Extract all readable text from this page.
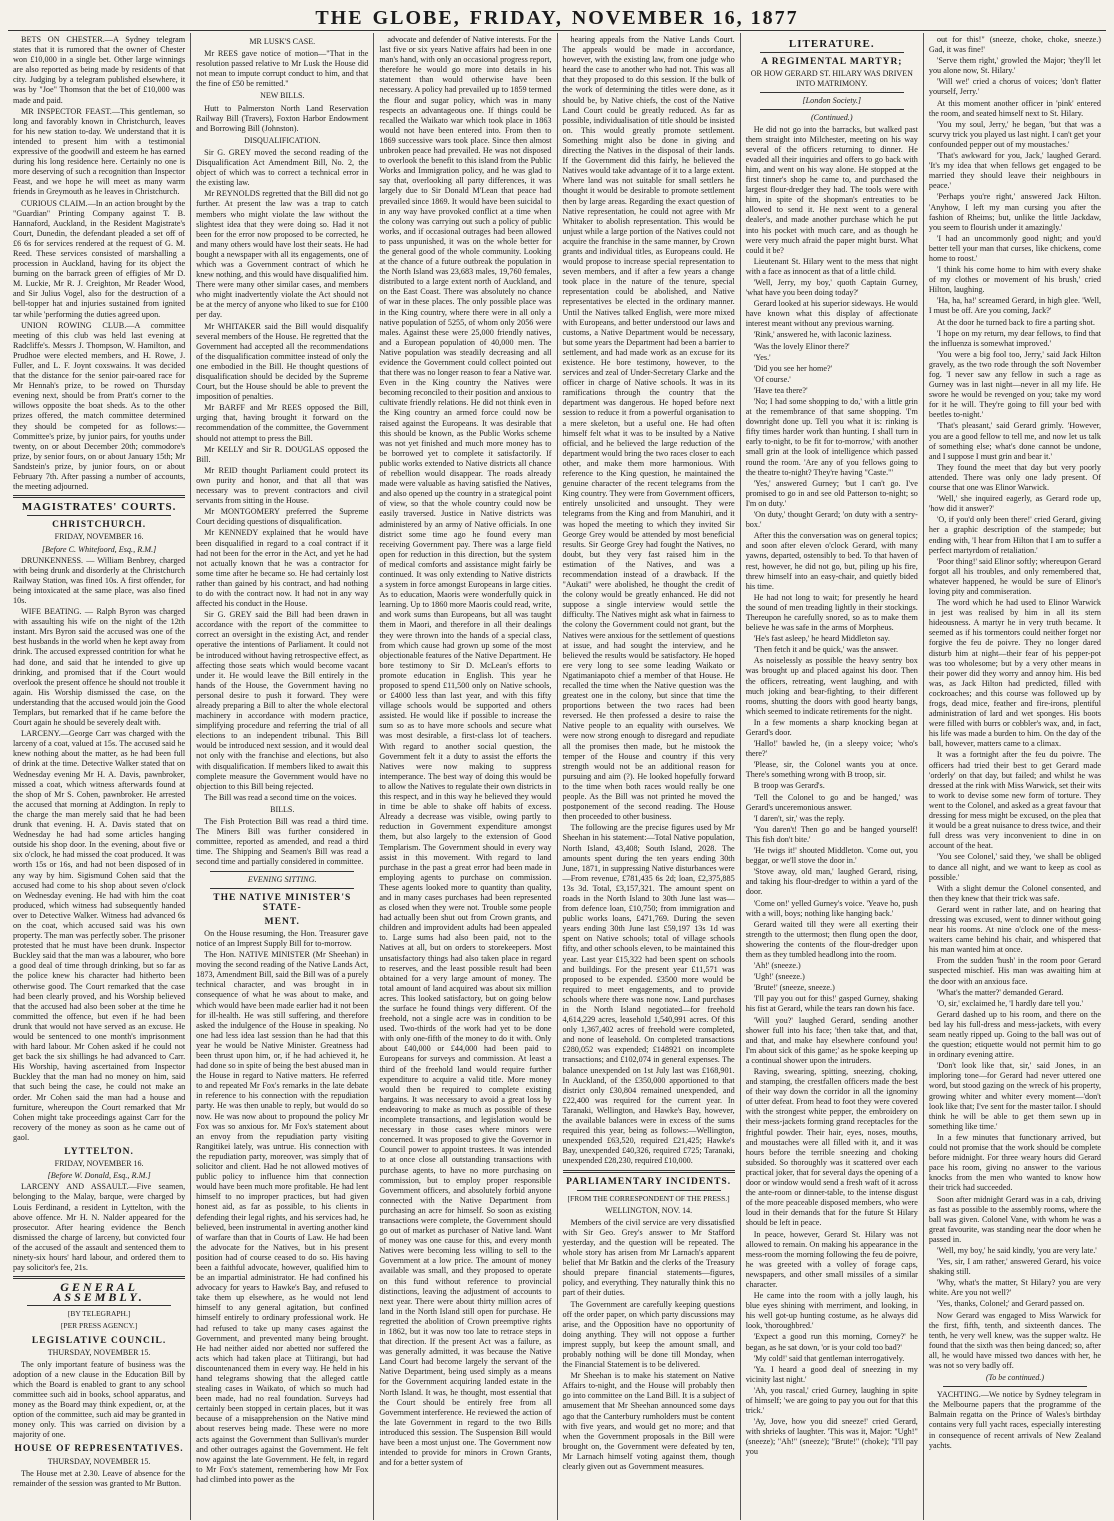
THE GLOBE, FRIDAY, NOVEMBER 16, 1877

BETS ON CHESTER.—A Sydney telegram states that it is rumored that the owner of Chester won £10,000 in a single bet. Other large winnings are also reported as being made by residents of that city. Judging by a telegram published elsewhere, it was by "Joe" Thomson that the bet of £10,000 was made and paid.

MR INSPECTOR FEAST.—This gentleman, so long and favorably known in Christchurch, leaves for his new station to-day. We understand that it is intended to present him with a testimonial expressive of the goodwill and esteem he has earned during his long residence here. Certainly no one is more deserving of such a recognition than Inspector Feast, and we hope he will meet as many warm friends in Greymouth as he leaves in Christchurch.

CURIOUS CLAIM.—In an action brought by the "Guardian" Printing Company against T. B. Hannaford, Auckland, in the Resident Magistrate's Court, Dunedin, the defendant pleaded a set off of £6 6s for services rendered at the request of G. M. Reed. These services consisted of marshalling a procession in Auckland, having for its object the burning on the barrack green of effigies of Mr D. M. Luckie, Mr R. J. Creighton, Mr Reader Wood, and Sir Julius Vogel, also for the destruction of a bell-topper hat and injuries sustained from ignited tar while 'performing the duties agreed upon.

UNION ROWING CLUB.—A committee meeting of this club was held last evening at Radcliffe's. Messrs J. Thompson, W. Hamilton, and Prudhoe were elected members, and H. Rowe, J. Fuller, and L. F. Joynt coxswains. It was decided that the distance for the senior pair-oared race for Mr Hennah's prize, to be rowed on Thursday evening next, should be from Pratt's corner to the willows opposite the boat sheds. As to the other prizes offered, the match committee determined they should be competed for as follows:—Committee's prize, by junior pairs, for youths under twenty, on or about December 20th; commodore's prize, by senior fours, on or about January 15th; Mr Sandstein's prize, by junior fours, on or about February 7th. After passing a number of accounts, the meeting adjourned.

MAGISTRATES' COURTS.
CHRISTCHURCH.
FRIDAY, NOVEMBER 16.
[Before C. Whitefoord, Esq., R.M.]

DRUNKENNESS. — William Benbrey, charged with being drunk and disorderly at the Christchurch Railway Station, was fined 10s. A first offender, for being intoxicated at the same place, was also fined 10s.

WIFE BEATING. — Ralph Byron was charged with assaulting his wife on the night of the 12th instant. Mrs Byron said the accused was one of the best husbands in the world when he kept away from drink. The accused expressed contrition for what he had done, and said that he intended to give up drinking, and promised that if the Court would overlook the present offence he should not trouble it again. His Worship dismissed the case, on the understanding that the accused would join the Good Templars, but remarked that if he came before the Court again he should be severely dealt with.

LARCENY.—George Carr was charged with the larceny of a coat, valued at 15s. The accused said he knew nothing about the matter, as he had been full of drink at the time. Detective Walker stated that on Wednesday evening Mr H. A. Davis, pawnbroker, missed a coat, which witness afterwards found at the shop of Mr S. Cohen, pawnbroker. He arrested the accused that morning at Addington. In reply to the charge the man merely said that he had been drunk that evening. H. A. Davis stated that on Wednesday he had had some articles hanging outside his shop door. In the evening, about five or six o'clock, he had missed the coat produced. It was worth 15s or 16s, and had not been disposed of in any way by him. Sigismund Cohen said that the accused had come to his shop about seven o'clock on Wednesday evening. He had with him the coat produced, which witness had subsequently handed over to Detective Walker. Witness had advanced 6s on the coat, which accused said was his own property. The man was perfectly sober. The prisoner protested that he must have been drunk. Inspector Buckley said that the man was a labourer, who bore a good deal of time through drinking, but so far as the police knew his character had hitherto been otherwise good. The Court remarked that the case had been clearly proved, and his Worship believed that the accused had also been sober at the time he committed the offence, but even if he had been drunk that would not have served as an excuse. He would be sentenced to one month's imprisonment with hard labour. Mr Cohen asked if he could not get back the six shillings he had advanced to Carr. His Worship, having ascertained from Inspector Buckley that the man had no money on him, said that such being the case, he could not make an order. Mr Cohen said the man had a house and furniture, whereupon the Court remarked that Mr Cohen might take proceedings against Carr for the recovery of the money as soon as he came out of gaol.

LYTTELTON.
FRIDAY, NOVEMBER 16.
[Before W. Donald, Esq., R.M.]

LARCENY AND ASSAULT.—Five seamen, belonging to the Malay, barque, were charged by Louis Ferdinand, a resident in Lyttelton, with the above offence. Mr H. N. Nalder appeared for the prosecutor. After hearing evidence the Bench dismissed the charge of larceny, but convicted four of the accused of the assault and sentenced them to ninety-six hours' hard labour, and ordered them to pay solicitor's fee, 21s.

GENERAL ASSEMBLY.
[BY TELEGRAPH.]
[PER PRESS AGENCY.]
LEGISLATIVE COUNCIL.
THURSDAY, NOVEMBER 15.

The only important feature of business was the adoption of a new clause in the Education Bill by which the Board is enabled to grant to any school committee such aid in books, school apparatus, and money as the Board may think expedient, or, at the option of the committee, such aid may be granted in money only. This was carried on division by a majority of one.

HOUSE OF REPRESENTATIVES.
THURSDAY, NOVEMBER 15.

The House met at 2.30. Leave of absence for the remainder of the session was granted to Mr Button.

MR LUSK'S CASE.

Mr REES gave notice of motion—"That in the resolution passed relative to Mr Lusk the House did not mean to impute corrupt conduct to him, and that the fine of £50 be remitted."

NEW BILLS.

Hutt to Palmerston North Land Reservation Railway Bill (Travers), Foxton Harbor Endowment and Borrowing Bill (Johnston).

DISQUALIFICATION.

Sir G. GREY moved the second reading of the Disqualification Act Amendment Bill, No. 2, the object of which was to correct a technical error in the existing law.

Mr REYNOLDS regretted that the Bill did not go further. At present the law was a trap to catch members who might violate the law without the slightest idea that they were doing so. Had it not been for the error now proposed to be corrected, he and many others would have lost their seats. He had bought a newspaper with all its engagements, one of which was a Government contract of which he knew nothing, and this would have disqualified him. There were many other similar cases, and members who might inadvertently violate the Act should not be at the mercy of anyone who liked to sue for £100 per day.

Mr WHITAKER said the Bill would disqualify several members of the House. He regretted that the Government had accepted all the recommendations of the disqualification committee instead of only the one embodied in the Bill. He thought questions of disqualification should be decided by the Supreme Court, but the House should be able to prevent the imposition of penalties.

Mr BARFF and Mr REES opposed the Bill, urging that, having brought it forward on the recommendation of the committee, the Government should not attempt to press the Bill.

Mr KELLY and Sir R. DOUGLAS opposed the Bill.

Mr REID thought Parliament could protect its own purity and honor, and that all that was necessary was to prevent contractors and civil servants from sitting in the House.

Mr MONTGOMERY preferred the Supreme Court deciding questions of disqualification.

Mr KENNEDY explained that he would have been disqualified in regard to a coal contract if it had not been for the error in the Act, and yet he had not actually known that he was a contractor for some time after he became so. He had certainly lost rather than gained by his contract, and had nothing to do with the contract now. It had not in any way affected his conduct in the House.

Sir G. GREY said the Bill had been drawn in accordance with the report of the committee to correct an oversight in the existing Act, and render operative the intentions of Parliament. It could not be introduced without having retrospective effect, as affecting those seats which would become vacant under it. He would leave the Bill entirely in the hands of the House, the Government having no personal desire to push it forward. They were already preparing a Bill to alter the whole electoral machinery in accordance with modern practice, simplifying procedure and referring the trial of all elections to an independent tribunal. This Bill would be introduced next session, and it would deal not only with the franchise and elections, but also with disqualification. If members liked to await this complete measure the Government would have no objection to this Bill being rejected.

The Bill was read a second time on the voices.

BILLS.

The Fish Protection Bill was read a third time. The Miners Bill was further considered in committee, reported as amended, and read a third time. The Shipping and Seamen's Bill was read a second time and partially considered in committee.

EVENING SITTING.
THE NATIVE MINISTER'S STATE-
MENT.

On the House resuming, the Hon. Treasurer gave notice of an Imprest Supply Bill for to-morrow.

The Hon. NATIVE MINISTER (Mr Sheehan) in moving the second reading of the Native Lands Act, 1873, Amendment Bill, said the Bill was of a purely technical character, and was brought in in consequence of what he was about to make, and which would have been made earlier had it not been for ill-health. He was still suffering, and therefore asked the indulgence of the House in speaking. No one had less idea last session than he had that this year he would be Native Minister. Greatness had been thrust upon him, or, if he had achieved it, he had done so in spite of being the best abused man in the House in regard to Native matters. He referred to and repeated Mr Fox's remarks in the late debate in reference to his connection with the repudiation party. He was then unable to reply, but would do so now. He was now about to propound the policy Mr Fox was so anxious for. Mr Fox's statement about an envoy from the repudiation party visiting Rangitikei lately, was untrue. His connection with the repudiation party, moreover, was simply that of solicitor and client. Had he not allowed motives of public policy to influence him that connection would have been much more profitable. He had lent himself to no improper practices, but had given honest aid, as far as possible, to his clients in defending their legal rights, and his services had, he believed, been instrumental in averting another kind of warfare than that in Courts of Law. He had been the advocate for the Natives, but in his present position had of course ceased to do so. His having been a faithful advocate, however, qualified him to be an impartial administrator. He had confined his advocacy for years to Hawke's Bay, and refused to take them up elsewhere, as he would not lend himself to any general agitation, but confined himself entirely to ordinary professional work. He had refused to take up many cases against the Government, and prevented many being brought. He had neither aided nor abetted nor suffered the acts which had taken place at Tiitirangi, but had discountenanced them in every way. He held in his hand telegrams showing that the alleged cattle stealing cases in Waikato, of which so much had been made, had no real foundation. Surveys had certainly been stopped in certain places, but it was because of a misapprehension on the Native mind about reserves being made. These were no more acts against the Government than Sullivan's murder and other outrages against the Government. He felt now against the late Government. He felt, in regard to Mr Fox's statement, remembering how Mr Fox had climbed into power as the

advocate and defender of Native interests. For the last five or six years Native affairs had been in one man's hand, with only an occasional progress report, therefore he would go more into details in his statement than would otherwise have been necessary. A policy had prevailed up to 1859 termed the flour and sugar policy, which was in many respects an advantageous one. If things could be recalled the Waikato war which took place in 1863 would not have been entered into. From then to 1869 successive wars took place. Since then almost unbroken peace had prevailed. He was not disposed to overlook the benefit to this island from the Public Works and Immigration policy, and he was glad to say that, overlooking all party differences, it was largely due to Sir Donald M'Lean that peace had prevailed since 1869. It would have been suicidal to in any way have provoked conflict at a time when the colony was carrying out such a policy of public works, and if occasional outrages had been allowed to pass unpunished, it was on the whole better for the general good of the whole community. Looking at the chance of a future outbreak the population in the North Island was 23,683 males, 19,760 females, distributed to a large extent north of Auckland, and on the East Coast. There was absolutely no chance of war in these places. The only possible place was in the King country, where there were in all only a native population of 5255, of whom only 2056 were males. Against these were 25,000 friendly natives, and a European population of 40,000 men. The Native population was steadily decreasing and all evidence the Government could collect pointed out that there was no longer reason to fear a Native war. Even in the King country the Natives were becoming reconciled to their position and anxious to cultivate friendly relations. He did not think even in the King country an armed force could now be raised against the Europeans. It was desirable that this should be known, as the Public Works scheme was not yet finished and much more money has to be borrowed yet to complete it satisfactorily. If public works extended to Native districts all chance of rebellion would disappear. The roads already made were valuable as having satisfied the Natives, and also opened up the country in a strategical point of view, so that the whole country could now be easily traversed. Justice in Native districts was administered by an army of Native officials. In one district some time ago he found every man receiving Government pay. There was a large field open for reduction in this direction, but the system of medical comforts and assistance might fairly be continued. It was only extending to Native districts a system in force amongst Europeans in large cities. As to education, Maoris were wonderfully quick in learning. Up to 1860 more Maoris could read, write, and work sums than Europeans, but all was taught them in Maori, and therefore in all their dealings they were thrown into the hands of a special class, from which cause had grown up some of the most objectionable features of the Native Department. He bore testimony to Sir D. McLean's efforts to promote education in English. This year he proposed to spend £11,500 only on Native schools, or £4000 less than last year, and with this fifty village schools would be supported and others assisted. He would like if possible to increase the sum so as to have more schools and secure what was most desirable, a first-class lot of teachers. With regard to another social question, the Government felt it a duty to assist the efforts the Natives were now making to suppress intemperance. The best way of doing this would be to allow the Natives to regulate their own districts in this respect, and in this way he believed they would in time be able to shake off habits of excess. Already a decrease was visible, owing partly to reduction in Government expenditure amongst them, but also largely to the extension of Good Templarism. The Government should in every way assist in this movement. With regard to land purchase in the past a great error had been made in employing agents to purchase on commission. These agents looked more to quantity than quality, and in many cases purchases had been represented as closed when they were not. Trouble some people had actually been shut out from Crown grants, and children and improvident adults had been appealed to. Large sums had also been paid, not to the Natives at all, but on orders to storekeepers. Most unsatisfactory things had also taken place in regard to reserves, and the least possible result had been obtained for a very large amount of money. The total amount of land acquired was about six million acres. This looked satisfactory, but on going below the surface he found things very different. Of the freehold, not a single acre was in condition to be used. Two-thirds of the work had yet to be done with only one-fifth of the money to do it with. Only about £40,000 or £44,000 had been paid to Europeans for surveys and commission. At least a third of the freehold land would require further expenditure to acquire a valid title. More money would then be required to complete existing bargains. It was necessary to avoid a great loss by endeavoring to make as much as possible of these incomplete transactions, and legislation would be necessary in those cases where minors were concerned. It was proposed to give the Governor in Council power to appoint trustees. It was intended to at once close all outstanding transactions with purchase agents, to have no more purchasing on commission, but to employ proper responsible Government officers, and absolutely forbid anyone connected with the Native Department from purchasing an acre for himself. So soon as existing transactions were complete, the Government should go out of market as purchaser of Native land. Want of money was one cause for this, and every month Natives were becoming less willing to sell to the Government at a low price. The amount of money available was small, and they proposed to operate on this fund without reference to provincial distinctions, leaving the adjustment of accounts to next year. There were about thirty million acres of land in the North Island still open for purchase. He regretted the abolition of Crown preemptive rights in 1862, but it was now too late to retrace steps in that direction. If the present Act was a failure, as was generally admitted, it was because the Native Land Court had become largely the servant of the Native Department, being used simply as a means for the Government acquiring landed estate in the North Island. It was, he thought, most essential that the Court should be entirely free from all Government interference. He reviewed the action of the late Government in regard to the two Bills introduced this session. The Suspension Bill would have been a most unjust one. The Government now intended to provide for minors in Crown Grants, and for a better system of

hearing appeals from the Native Lands Court. The appeals would be made in accordance, however, with the existing law, from one judge who heard the case to another who had not. This was all that they proposed to do this session. If the bulk of the work of determining the titles were done, as it should be, by Native chiefs, the cost of the Native Land Court could be greatly reduced. As far as possible, individualisation of title should be insisted on. This would greatly promote settlement. Something might also be done in giving and directing the Natives in the disposal of their lands. If the Government did this fairly, he believed the Natives would take advantage of it to a large extent. Where land was not suitable for small settlers he thought it would be desirable to promote settlement then by large areas. Regarding the exact question of Native representation, he could not agree with Mr Whitaker to abolish representation. This would be unjust while a large portion of the Natives could not acquire the franchise in the same manner, by Crown grants and individual titles, as Europeans could. He would propose to increase special representation to seven members, and if after a few years a change took place in the nature of the tenure, special representation could be abolished, and Native representatives be elected in the ordinary manner. Until the Natives talked English, were more mixed with Europeans, and better understood our laws and customs, a Native Department would be necessary, but some years the Department had been a barrier to settlement, and had made work as an excuse for its existence. He bore testimony, however, to the services and zeal of Under-Secretary Clarke and the officer in charge of Native schools. It was in its ramifications through the country that the department was dangerous. He hoped before next session to reduce it from a powerful organisation to a mere skeleton, but a useful one. He had often himself felt what it was to be insulted by a Native official, and he believed the large reduction of the department would bring the two races closer to each other, and make them more harmonious. With reference to the King question, he maintained the genuine character of the recent telegrams from the King country. They were from Government officers, entirely unsolicited and unsought. They were telegrams from the King and from Manuhiri, and it was hoped the meeting to which they invited Sir George Grey would be attended by most beneficial results. Sir George Grey had fought the Natives, no doubt, but they very fast raised him in the estimation of the Natives, and was a recommendation instead of a drawback. If the "Aukati" were abolished, he thought the credit of the colony would be greatly enhanced. He did not suppose a single interview would settle the difficulty. The Natives might ask what in fairness to the colony the Government could not grant, but the Natives were anxious for the settlement of questions at issue, and had sought the interview, and he believed the results would be satisfactory. He hoped ere very long to see some leading Waikato or Ngatimaniapoto chief a member of that House. He recalled the time when the Native question was the greatest one in the colony, but since that time the proportions between the two races had been reversed. He then professed a desire to raise the Native people to an equality with ourselves. We were now strong enough to disregard and repudiate all the promises then made, but he mistook the temper of the House and country if this very strength would not be an additional reason for pursuing and aim (?). He looked hopefully forward to the time when both races would really be one people. As the Bill was not printed he moved the postponement of the second reading. The House then proceeded to other business.

The following are the precise figures used by Mr Sheehan in his statement:—Total Native population, North Island, 43,408; South Island, 2028. The amounts spent during the ten years ending 30th June, 1871, in suppressing Native disturbances were—From revenue, £781,435 6s 2d; loan, £2,375,885 13s 3d. Total, £3,157,321. The amount spent on roads in the North Island to 30th June last was—from defence loan, £10,750; from immigration and public works loans, £471,769. During the seven years ending 30th June last £59,197 13s 1d was spent on Native schools; total of village schools fifty, and other schools eleven, to be maintained this year. Last year £15,322 had been spent on schools and buildings. For the present year £11,571 was proposed to be expended. £3500 more would be required to meet engagements, and to provide schools where there was none now. Land purchases in the North Island negotiated—for freehold 4,614,229 acres, leasehold 1,540,991 acres. Of this only 1,367,402 acres of freehold were completed, and none of leasehold. On completed transactions £280,052 was expended; £148921 on incomplete transactions; and £102,074 in general expenses. The balance unexpended on 1st July last was £168,901. In Auckland, of the £350,000 apportioned to that district only £30,804 remained unexpended, and £22,400 was required for the current year. In Taranaki, Wellington, and Hawke's Bay, however, the available balances were in excess of the sums required this year, being as follows:—Wellington, unexpended £63,520, required £21,425; Hawke's Bay, unexpended £40,326, required £725; Taranaki, unexpended £28,230, required £10,000.

PARLIAMENTARY INCIDENTS.
[FROM THE CORRESPONDENT OF THE PRESS.]
WELLINGTON, NOV. 14.

Members of the civil service are very dissatisfied with Sir Geo. Grey's answer to Mr Stafford yesterday, and the question will be repeated. The whole story has arisen from Mr Larnach's apparent belief that Mr Batkin and the clerks of the Treasury should prepare financial statements—figures, policy, and everything. They naturally think this no part of their duties.

The Government are carefully keeping questions off the order paper, on which party discussions may arise, and the Opposition have no opportunity of doing anything. They will not oppose a further imprest supply, but keep the amount small, and probably nothing will be done till Monday, when the Financial Statement is to be delivered.

Mr Sheehan is to make his statement on Native Affairs to-night, and the House will probably then go into committee on the Land Bill. It is a subject of amusement that Mr Sheehan announced some days ago that the Canterbury rumholders must be content with five years, and would get no more; and that when the Government proposals in the Bill were brought on, the Government were defeated by ten, Mr Larnach himself voting against them, though clearly given out as Government measures.

LITERATURE.
A REGIMENTAL MARTYR;
OR HOW GERARD ST. HILARY WAS DRIVEN INTO MATRIMONY.
[London Society.]
(Continued.)

He did not go into the barracks, but walked past them straight into Milchester, meeting on his way several of the officers returning to dinner. He evaded all their inquiries and offers to go back with him, and went on his way alone. He stopped at the first tinner's shop he came to, and purchased the largest flour-dredger they had. The tools were with him, in spite of the shopman's entreaties to be allowed to send it. He next went to a general dealer's, and made another purchase which he put into his pocket with much care, and as though he were very much afraid the paper might burst. What could it be?

Lieutenant St. Hilary went to the mess that night with a face as innocent as that of a little child.

'Well, Jerry, my boy,' quoth Captain Gurney, 'what have you been doing today?'

Gerard looked at his superior sideways. He would have known what this display of affectionate interest meant without any previous warning.

'Rink,' answered he, with laconic laziness.

'Was the lovely Elinor there?'

'Yes.'

'Did you see her home?'

'Of course.'

'Have tea there?'

'No; I had some shopping to do,' with a little grin at the remembrance of that same shopping. 'I'm downright done up. Tell you what it is: rinking is fifty times harder work than hunting. I shall turn in early to-night, to be fit for to-morrow,' with another small grin at the look of intelligence which passed round the room. 'Are any of you fellows going to the theatre to-night? They're having "Caste."'

'Yes,' answered Gurney; 'but I can't go. I've promised to go in and see old Patterson to-night; so I'm on duty.'

'On duty,' thought Gerard; 'on duty with a sentry-box.'

After this the conversation was on general topics; and soon after eleven o'clock Gerard, with many yawns, departed, ostensibly to bed. To that haven of rest, however, he did not go, but, piling up his fire, threw himself into an easy-chair, and quietly bided his time.

He had not long to wait; for presently he heard the sound of men treading lightly in their stockings. Thereupon he carefully snored, so as to make them believe he was safe in the arms of Morpheus.

'He's fast asleep,' he heard Middleton say.

'Then fetch it and be quick,' was the answer.

As noiselessly as possible the heavy sentry box was brought up and placed against his door. Then the officers, retreating, went laughing, and with much joking and bear-fighting, to their different rooms, shutting the doors with good hearty bangs, which seemed to indicate retirements for the night.

In a few moments a sharp knocking began at Gerard's door.

'Hallo!' bawled he, (in a sleepy voice; 'who's there?'

'Please, sir, the Colonel wants you at once. There's something wrong with B troop, sir.

B troop was Gerard's.

'Tell the Colonel to go and be hanged,' was Gerard's unceremonious answer.

'I daren't, sir,' was the reply.

'You daren't! Then go and be hanged yourself! This fish don't bite.'

'He twigs it!' shouted Middleton. 'Come out, you beggar, or we'll stove the door in.'

'Stove away, old man,' laughed Gerard, rising, and taking his flour-dredger to within a yard of the door.

'Come on!' yelled Gurney's voice. 'Yeave ho, push with a will, boys; nothing like hanging back.'

Gerard waited till they were all exerting their strength to the uttermost; then flung open the door, showering the contents of the flour-dredger upon them as they tumbled headlong into the room.

'Ah!' (sneeze.)

'Ugh!' (sneeze.)

'Brute!' (sneeze, sneeze.)

'I'll pay you out for this!' gasped Gurney, shaking his fist at Gerard, while the tears ran down his face.

'Will you?' laughed Gerard, sending another shower full into his face; 'then take that, and that, and that, and make hay elsewhere confound you! I'm about sick of this game;' as he spoke keeping up a continual shower upon the intruders.

Raving, swearing, spitting, sneezing, choking, and stamping, the crestfallen officers made the best of their way down the corridor in all the ignominy of utter defeat. From head to foot they were covered with the strongest white pepper, the embroidery on their mess-jackets forming grand receptacles for the frightful powder. Their hair, eyes, noses, mouths, and moustaches were all filled with it, and it was hours before the terrible sneezing and choking subsided. So thoroughly was it scattered over each practical joker, that for several days the opening of a door or window would send a fresh waft of it across the ante-room or dinner-table, to the intense disgust of the more peaceable disposed members, who were loud in their demands that for the future St Hilary should be left in peace.

In peace, however, Gerard St. Hilary was not allowed to remain. On making his appearance in the mess-room the morning following the feu de poivre, he was greeted with a volley of forage caps, newspapers, and other small missiles of a similar character.

He came into the room with a jolly laugh, his blue eyes shining with merriment, and looking, in his well got-up hunting costume, as he always did look, 'thoroughbred.'

'Expect a good run this morning, Corney?' he began, as he sat down, 'or is your cold too bad?'

'My cold!' said that gentleman interrogatively.

'Ya. I heard a good deal of sneezing in my vicinity last night.'

'Ah, you rascal,' cried Gurney, laughing in spite of himself; 'we are going to pay you out for that this trick.'

'Ay, Jove, how you did sneeze!' cried Gerard, with shrieks of laughter. 'This was it, Major: "Ugh!" (sneeze); "Ah!" (sneeze); "Brute!" (choke); "I'll pay you

out for this!" (sneeze, choke, choke, sneeze.) Gad, it was fine!'

'Serve them right,' growled the Major; 'they'll let you alone now, St. Hilary.'

'Will we!' cried a chorus of voices; 'don't flatter yourself, Jerry.'

At this moment another officer in 'pink' entered the room, and seated himself next to St. Hilary.

'You my soul, Jerry,' he began, 'but that was a scurvy trick you played us last night. I can't get your confounded pepper out of my moustaches.'

'That's awkward for you, Jack,' laughed Gerard. 'It's my idea that when fellows get engaged to be married they should leave their neighbours in peace.'

'Perhaps you're right,' answered Jack Hilton. 'Anyhow, I left my man cursing you after the fashion of Rheims; but, unlike the little Jackdaw, you seem to flourish under it amazingly.'

'I had an uncommonly good night; and you'd better tell your man that curses, like chickens, come home to roost.'

'I think his come home to him with every shake of my clothes or movement of his brush,' cried Hilton, laughing.

'Ha, ha, ha!' screamed Gerard, in high glee. 'Well, I must be off. Are you coming, Jack?'

At the door he turned back to fire a parting shot.

'I hope on my return, my dear fellows, to find that the influenza is somewhat improved.'

'You were a big fool too, Jerry,' said Jack Hilton gravely, as the two rode through the soft November fog. 'I never saw any fellow in such a rage as Gurney was in last night—never in all my life. He swore he would be revenged on you; take my word for it he will. They're going to fill your bed with beetles to-night.'

'That's pleasant,' said Gerard grimly. 'However, you are a good fellow to tell me, and now let us talk of something else; what's done cannot be undone, and I suppose I must grin and bear it.'

They found the meet that day but very poorly attended. There was only one lady present. Of course that one was Elinor Warwick.

'Well,' she inquired eagerly, as Gerard rode up, 'how did it answer?'

'O, if you'd only been there!' cried Gerard, giving her a graphic description of the stampede; but ending with, 'I hear from Hilton that I am to suffer a perfect martyrdom of retaliation.'

'Poor thing!' said Elinor softly; whereupon Gerard forgot all his troubles, and only remembered that, whatever happened, he would be sure of Elinor's loving pity and commiseration.

The word which he had used to Elinor Warwick in jest was realised by him in all its stern hideousness. A martyr he in very truth became. It seemed as if his tormentors could neither forget nor forgive the feu de poivre. They no longer dared disturb him at night—their fear of his pepper-pot was too wholesome; but by a very other means in their power did they worry and annoy him. His bed was, as Jack Hilton had predicted, filled with cockroaches; and this course was followed up by frogs, dead mice, feather and fire-irons, plentiful administration of lard and wet sponges. His boots were filled with burrs or cobbler's wax, and, in fact, his life was made a burden to him. On the day of the ball, however, matters came to a climax.

It was a fortnight after the feu du poivre. The officers had tried their best to get Gerard made 'orderly' on that day, but failed; and whilst he was dressed at the rink with Miss Warwick, set their wits to work to devise some new form of torture. They went to the Colonel, and asked as a great favour that dressing for mess might be excused, on the plea that it would be a great nuisance to dress twice, and their full dress was very inconvenient to dine in on account of the heat.

'You see Colonel,' said they, 'we shall be obliged to dance all night, and we want to keep as cool as possible.'

With a slight demur the Colonel consented, and then they knew that their trick was safe.

Gerard went in rather late, and on hearing that dressing was excused, went to dinner without going near his rooms. At nine o'clock one of the mess-waiters came behind his chair, and whispered that his man wanted him at once.

From the sudden 'hush' in the room poor Gerard suspected mischief. His man was awaiting him at the door with an anxious face.

'What's the matter?' demanded Gerard.

'O, sir,' exclaimed he, 'I hardly dare tell you.'

Gerard dashed up to his room, and there on the bed lay his full-dress and mess-jackets, with every seam neatly ripped up. Going to the ball was out of the question; etiquette would not permit him to go in ordinary evening attire.

'Don't look like that, sir,' said Jones, in an imploring tone—for Gerard had never uttered one word, but stood gazing on the wreck of his property, growing whiter and whiter every moment—'don't look like that; I've sent for the master tailor. I should think he will be able to get them sewn up in something like time.'

In a few minutes that functionary arrived, but could not promise that the work should be complete before midnight. For three weary hours did Gerard pace his room, giving no answer to the various knocks from the men who wanted to know how their trick had succeeded.

Soon after midnight Gerard was in a cab, driving as fast as possible to the assembly rooms, where the ball was given. Colonel Vane, with whom he was a great favourite, was standing near the door when he passed in.

'Well, my boy,' he said kindly, 'you are very late.'

'Yes, sir, I am rather,' answered Gerard, his voice shaking still.

'Why, what's the matter, St Hilary? you are very white. Are you not well?'

'Yes, thanks, Colonel;' and Gerard passed on.

Now Gerard was engaged to Miss Warwick for the first, fifth, tenth, and sixteenth dances. The tenth, he very well knew, was the supper waltz. He found that the sixth was then being danced; so, after all, he would have missed two dances with her, he was not so very badly off.

(To be continued.)

YACHTING.—We notice by Sydney telegram in the Melbourne papers that the programme of the Balmain regatta on the Prince of Wales's birthday contains very full yacht races, especially interesting in consequence of recent arrivals of New Zealand yachts.
